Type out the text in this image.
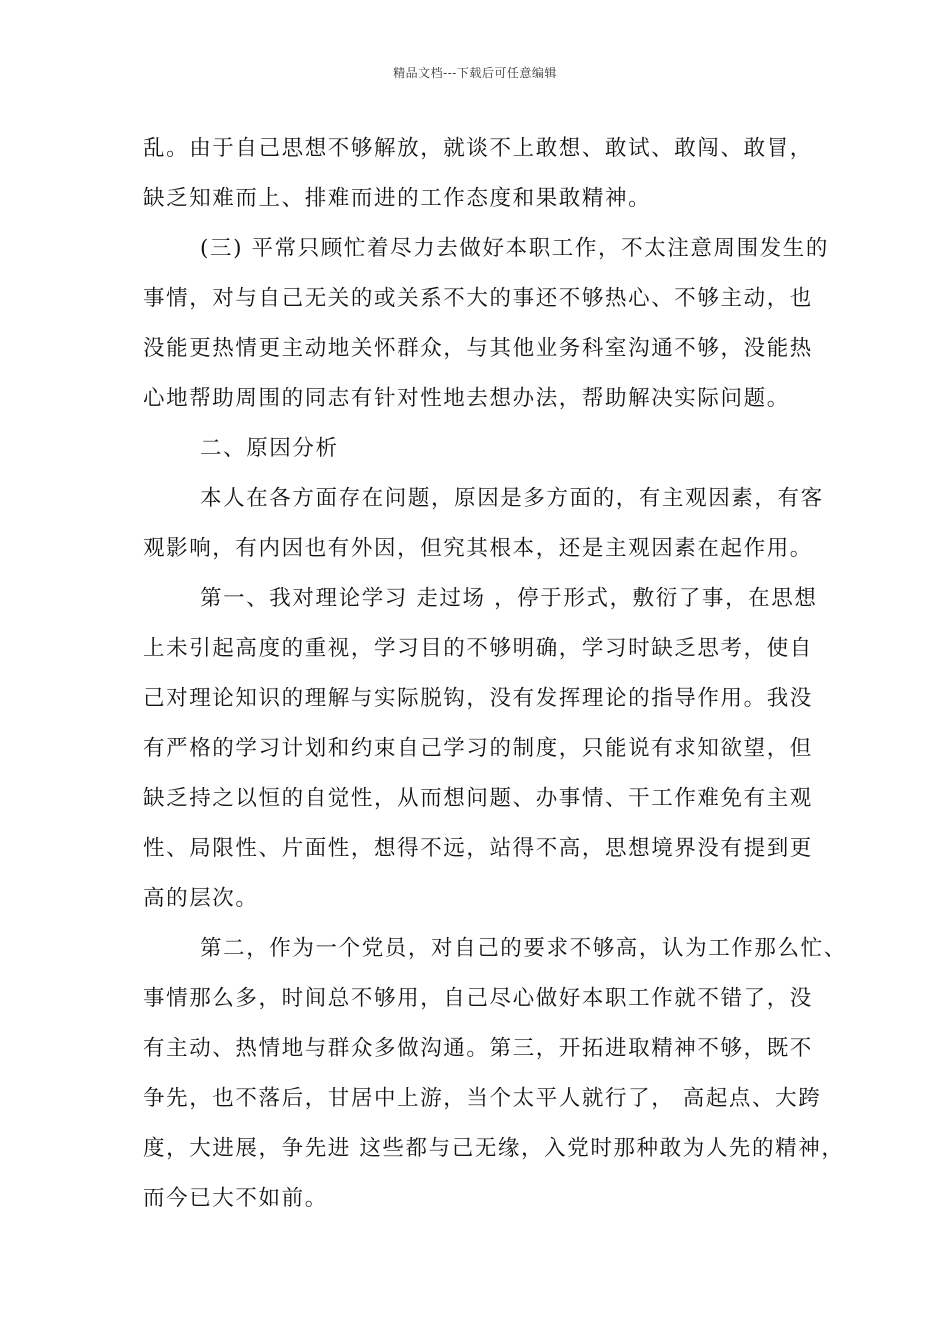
精品文档---下载后可任意编辑
乱。由于自己思想不够解放，就谈不上敢想、敢试、敢闯、敢冒，
缺乏知难而上、排难而进的工作态度和果敢精神。
(三) 平常只顾忙着尽力去做好本职工作，不太注意周围发生的
事情，对与自己无关的或关系不大的事还不够热心、不够主动，也
没能更热情更主动地关怀群众，与其他业务科室沟通不够，没能热
心地帮助周围的同志有针对性地去想办法，帮助解决实际问题。
二、原因分析
本人在各方面存在问题，原因是多方面的，有主观因素，有客
观影响，有内因也有外因，但究其根本，还是主观因素在起作用。
第一、我对理论学习 走过场 ，停于形式，敷衍了事，在思想
上未引起高度的重视，学习目的不够明确，学习时缺乏思考，使自
己对理论知识的理解与实际脱钩，没有发挥理论的指导作用。我没
有严格的学习计划和约束自己学习的制度，只能说有求知欲望，但
缺乏持之以恒的自觉性，从而想问题、办事情、干工作难免有主观
性、局限性、片面性，想得不远，站得不高，思想境界没有提到更
高的层次。
第二，作为一个党员，对自己的要求不够高，认为工作那么忙、
事情那么多，时间总不够用，自己尽心做好本职工作就不错了，没
有主动、热情地与群众多做沟通。第三，开拓进取精神不够，既不
争先，也不落后，甘居中上游，当个太平人就行了， 高起点、大跨
度，大进展，争先进 这些都与己无缘，入党时那种敢为人先的精神，
而今已大不如前。
